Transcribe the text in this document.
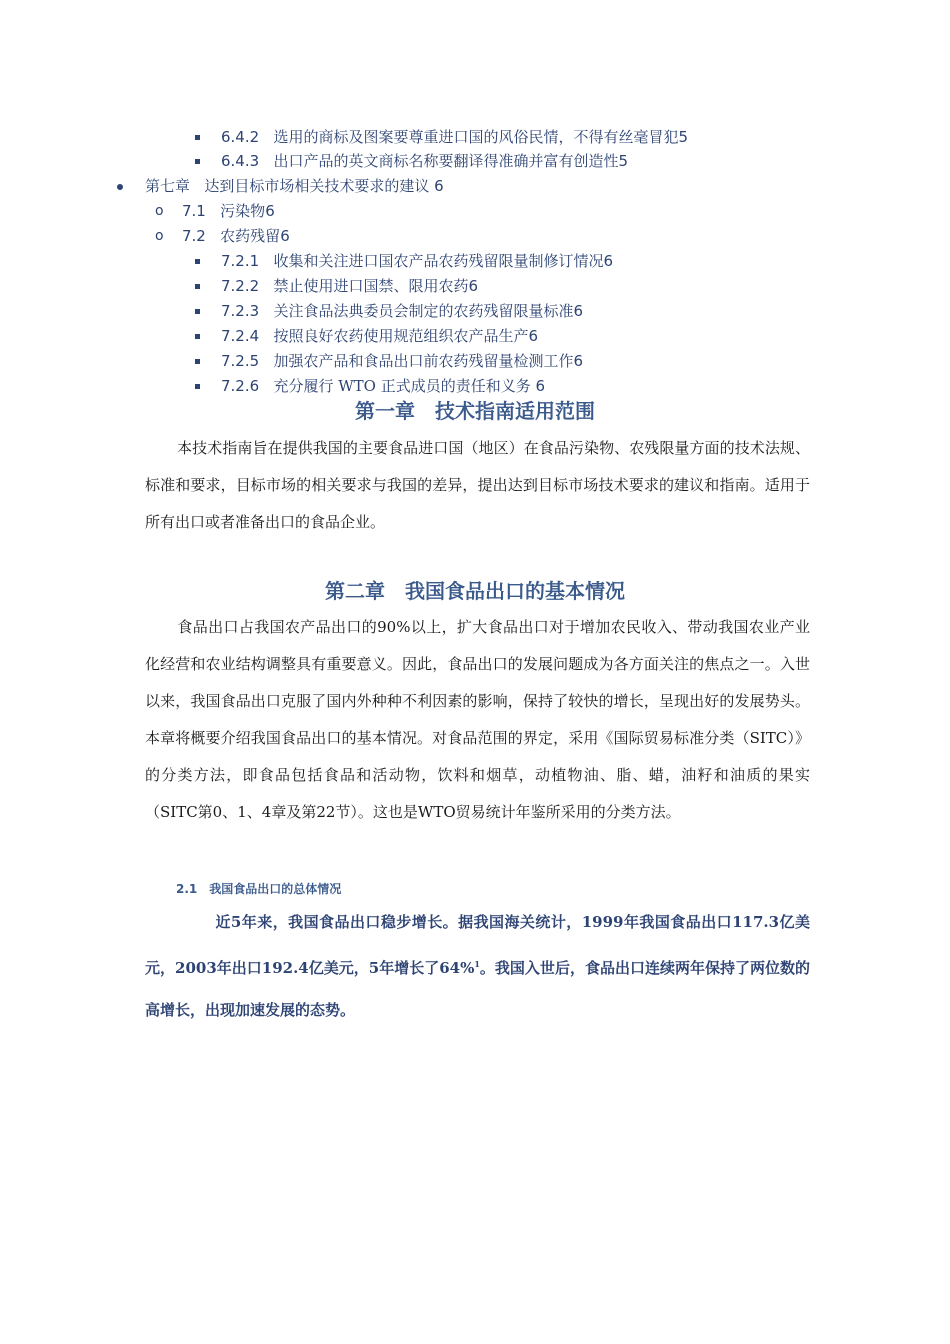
6.4.2 选用的商标及图案要尊重进口国的风俗民情，不得有丝毫冒犯5
6.4.3 出口产品的英文商标名称要翻译得准确并富有创造性5
第七章 达到目标市场相关技术要求的建议 6
o 7.1 污染物6
o 7.2 农药残留6
7.2.1 收集和关注进口国农产品农药残留限量制修订情况6
7.2.2 禁止使用进口国禁、限用农药6
7.2.3 关注食品法典委员会制定的农药残留限量标准6
7.2.4 按照良好农药使用规范组织农产品生产6
7.2.5 加强农产品和食品出口前农药残留量检测工作6
7.2.6 充分履行 WTO 正式成员的责任和义务 6
第一章　技术指南适用范围
本技术指南旨在提供我国的主要食品进口国（地区）在食品污染物、农残限量方面的技术法规、标准和要求，目标市场的相关要求与我国的差异，提出达到目标市场技术要求的建议和指南。适用于所有出口或者准备出口的食品企业。
第二章　我国食品出口的基本情况
食品出口占我国农产品出口的90%以上，扩大食品出口对于增加农民收入、带动我国农业产业化经营和农业结构调整具有重要意义。因此，食品出口的发展问题成为各方面关注的焦点之一。入世以来，我国食品出口克服了国内外种种不利因素的影响，保持了较快的增长，呈现出好的发展势头。本章将概要介绍我国食品出口的基本情况。对食品范围的界定，采用《国际贸易标准分类（SITC）》的分类方法，即食品包括食品和活动物，饮料和烟草，动植物油、脂、蜡，油籽和油质的果实（SITC第0、1、4章及第22节）。这也是WTO贸易统计年鉴所采用的分类方法。
2.1　我国食品出口的总体情况
近5年来，我国食品出口稳步增长。据我国海关统计，1999年我国食品出口117.3亿美元，2003年出口192.4亿美元，5年增长了64%$^1$。我国入世后，食品出口连续两年保持了两位数的高增长，出现加速发展的态势。
